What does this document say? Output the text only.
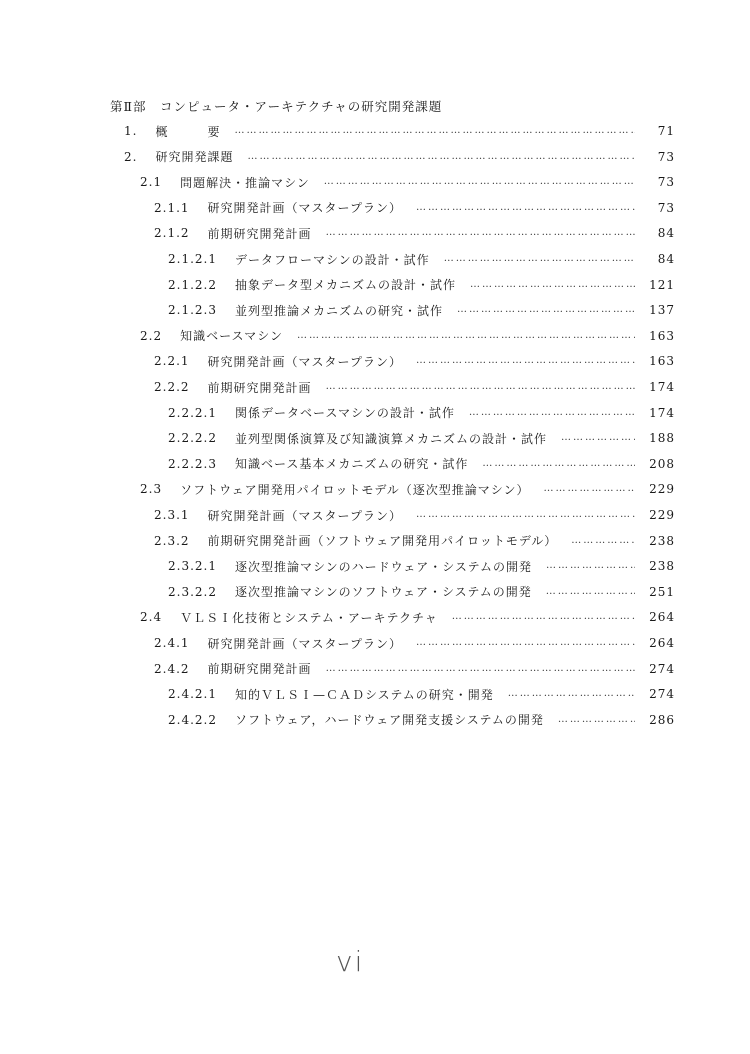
第Ⅱ部　コンピュータ・アーキテクチャの研究開発課題
1. 概　　　要 …………………………………………………………………………………………………………………………………………………………………………………………………………	71
2. 研究開発課題 …………………………………………………………………………………………………………………………………………………………………………………………………………	73
2.1 問題解決・推論マシン …………………………………………………………………………………………………………………………………………………………………………………………………………	73
2.1.1 研究開発計画（マスタープラン） …………………………………………………………………………………………………………………………………………………………………………………………………………	73
2.1.2 前期研究開発計画 …………………………………………………………………………………………………………………………………………………………………………………………………………	84
2.1.2.1 データフローマシンの設計・試作 …………………………………………………………………………………………………………………………………………………………………………………………………………	84
2.1.2.2 抽象データ型メカニズムの設計・試作 …………………………………………………………………………………………………………………………………………………………………………………………………………	121
2.1.2.3 並列型推論メカニズムの研究・試作 …………………………………………………………………………………………………………………………………………………………………………………………………………	137
2.2 知識ベースマシン …………………………………………………………………………………………………………………………………………………………………………………………………………	163
2.2.1 研究開発計画（マスタープラン） …………………………………………………………………………………………………………………………………………………………………………………………………………	163
2.2.2 前期研究開発計画 …………………………………………………………………………………………………………………………………………………………………………………………………………	174
2.2.2.1 関係データベースマシンの設計・試作 …………………………………………………………………………………………………………………………………………………………………………………………………………	174
2.2.2.2 並列型関係演算及び知識演算メカニズムの設計・試作 …………………………………………………………………………………………………………………………………………………………………………………………………………	188
2.2.2.3 知識ベース基本メカニズムの研究・試作 …………………………………………………………………………………………………………………………………………………………………………………………………………	208
2.3 ソフトウェア開発用パイロットモデル（逐次型推論マシン） …………………………………………………………………………………………………………………………………………………………………………………………………………	229
2.3.1 研究開発計画（マスタープラン） …………………………………………………………………………………………………………………………………………………………………………………………………………	229
2.3.2 前期研究開発計画（ソフトウェア開発用パイロットモデル） …………………………………………………………………………………………………………………………………………………………………………………………………………	238
2.3.2.1 逐次型推論マシンのハードウェア・システムの開発 …………………………………………………………………………………………………………………………………………………………………………………………………………	238
2.3.2.2 逐次型推論マシンのソフトウェア・システムの開発 …………………………………………………………………………………………………………………………………………………………………………………………………………	251
2.4 ＶＬＳＩ化技術とシステム・アーキテクチャ …………………………………………………………………………………………………………………………………………………………………………………………………………	264
2.4.1 研究開発計画（マスタープラン） …………………………………………………………………………………………………………………………………………………………………………………………………………	264
2.4.2 前期研究開発計画 …………………………………………………………………………………………………………………………………………………………………………………………………………	274
2.4.2.1 知的ＶＬＳＩ—ＣＡＤシステムの研究・開発 …………………………………………………………………………………………………………………………………………………………………………………………………………	274
2.4.2.2 ソフトウェア，ハードウェア開発支援システムの開発 …………………………………………………………………………………………………………………………………………………………………………………………………………	286
vi
